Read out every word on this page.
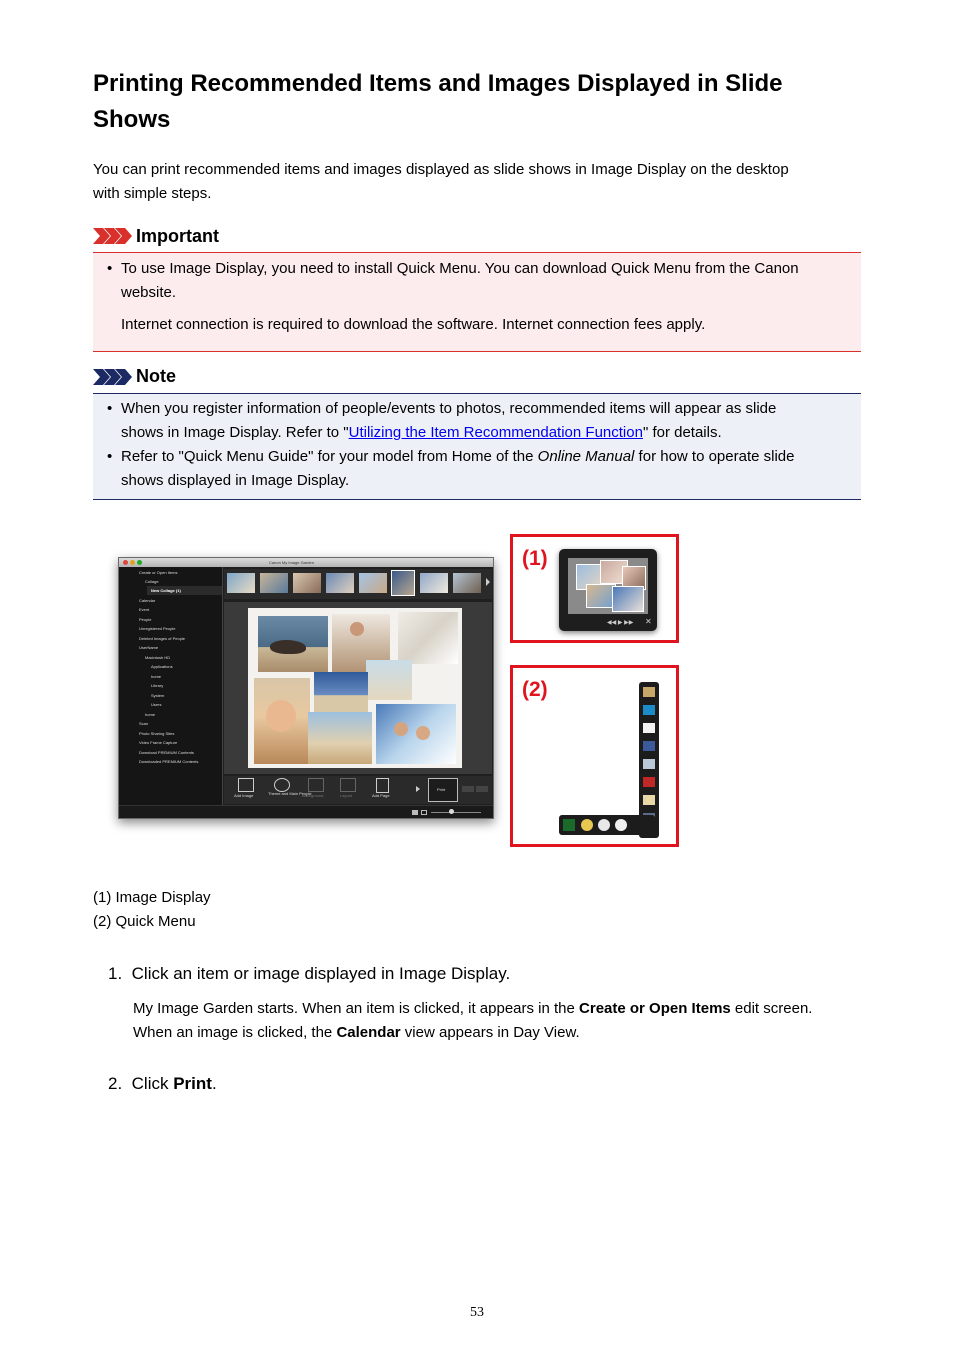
Printing Recommended Items and Images Displayed in Slide Shows
You can print recommended items and images displayed as slide shows in Image Display on the desktop
with simple steps.
Important
• To use Image Display, you need to install Quick Menu. You can download Quick Menu from the Canon
website.
Internet connection is required to download the software. Internet connection fees apply.
Note
• When you register information of people/events to photos, recommended items will appear as slide
shows in Image Display. Refer to "Utilizing the Item Recommendation Function" for details.
• Refer to "Quick Menu Guide" for your model from Home of the Online Manual for how to operate slide
shows displayed in Image Display.
Canon My Image Garden
Create or Open Items
Collage
New Collage (1)
Calendar
Event
People
Unregistered People
Deleted Images of People
UserName
Macintosh HD
Applications
home
Library
System
Users
home
Scan
Photo Sharing Sites
Video Frame Capture
Download PREMIUM Contents
Downloaded PREMIUM Contents
Add Image	Theme and Main People
Background	Layout	Add Page
Print
(1)
◀◀ ▶ ▶▶ ✕
(2)
(1) Image Display
(2) Quick Menu
1. Click an item or image displayed in Image Display.
My Image Garden starts. When an item is clicked, it appears in the Create or Open Items edit screen.
When an image is clicked, the Calendar view appears in Day View.
2. Click Print.
53
